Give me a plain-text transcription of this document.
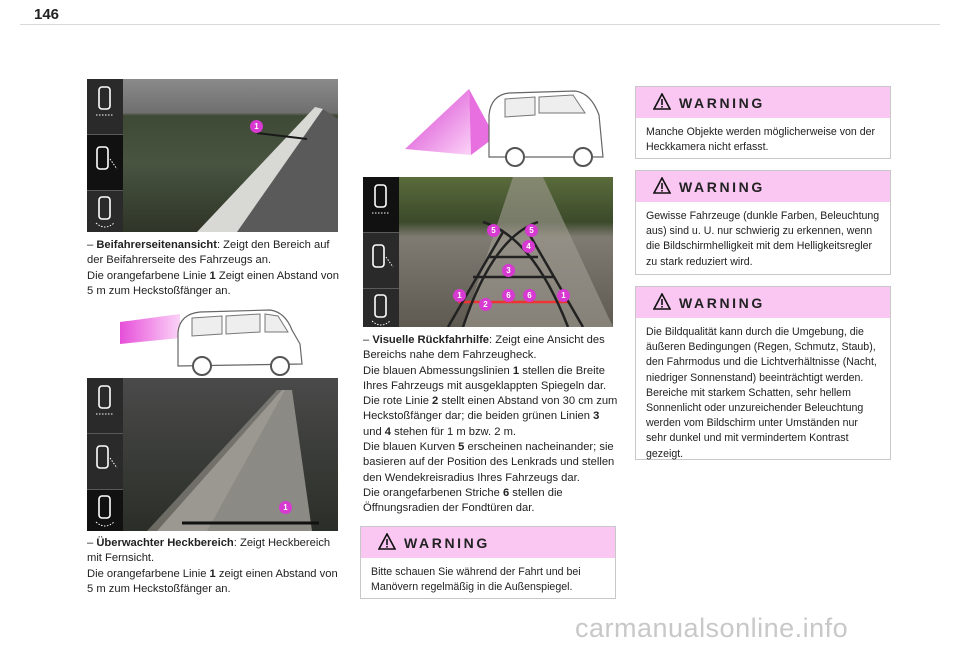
146
1

– Beifahrerseitenansicht: Zeigt den Bereich auf der Beifahrerseite des Fahrzeugs an.

Die orangefarbene Linie 1 Zeigt einen Abstand von 5 m zum Heckstoßfänger an.

1

– Überwachter Heckbereich: Zeigt Heckbereich mit Fernsicht.

Die orangefarbene Linie 1 zeigt einen Abstand von 5 m zum Heckstoßfänger an.

5	5
4
3
1	6	6	1
2

– Visuelle Rückfahrhilfe: Zeigt eine Ansicht des Bereichs nahe dem Fahrzeugheck.

Die blauen Abmessungslinien 1 stellen die Breite Ihres Fahrzeugs mit ausgeklappten Spiegeln dar.

Die rote Linie 2 stellt einen Abstand von 30 cm zum Heckstoßfänger dar; die beiden grünen Linien 3 und 4 stehen für 1 m bzw. 2 m.

Die blauen Kurven 5 erscheinen nacheinander; sie basieren auf der Position des Lenkrads und stellen den Wendekreisradius Ihres Fahrzeugs dar.

Die orangefarbenen Striche 6 stellen die Öffnungsradien der Fondtüren dar.

WARNING
Bitte schauen Sie während der Fahrt und bei Manövern regelmäßig in die Außenspiegel.
WARNING
Manche Objekte werden möglicherweise von der Heckkamera nicht erfasst.
WARNING
Gewisse Fahrzeuge (dunkle Farben, Beleuchtung aus) sind u. U. nur schwierig zu erkennen, wenn die Bildschirmhelligkeit mit dem Helligkeitsregler zu stark reduziert wird.
WARNING
Die Bildqualität kann durch die Umgebung, die äußeren Bedingungen (Regen, Schmutz, Staub), den Fahrmodus und die Lichtverhältnisse (Nacht, niedriger Sonnenstand) beeinträchtigt werden. Bereiche mit starkem Schatten, sehr hellem Sonnenlicht oder unzureichender Beleuchtung werden vom Bildschirm unter Umständen nur sehr dunkel und mit vermindertem Kontrast gezeigt.
carmanualsonline.info
